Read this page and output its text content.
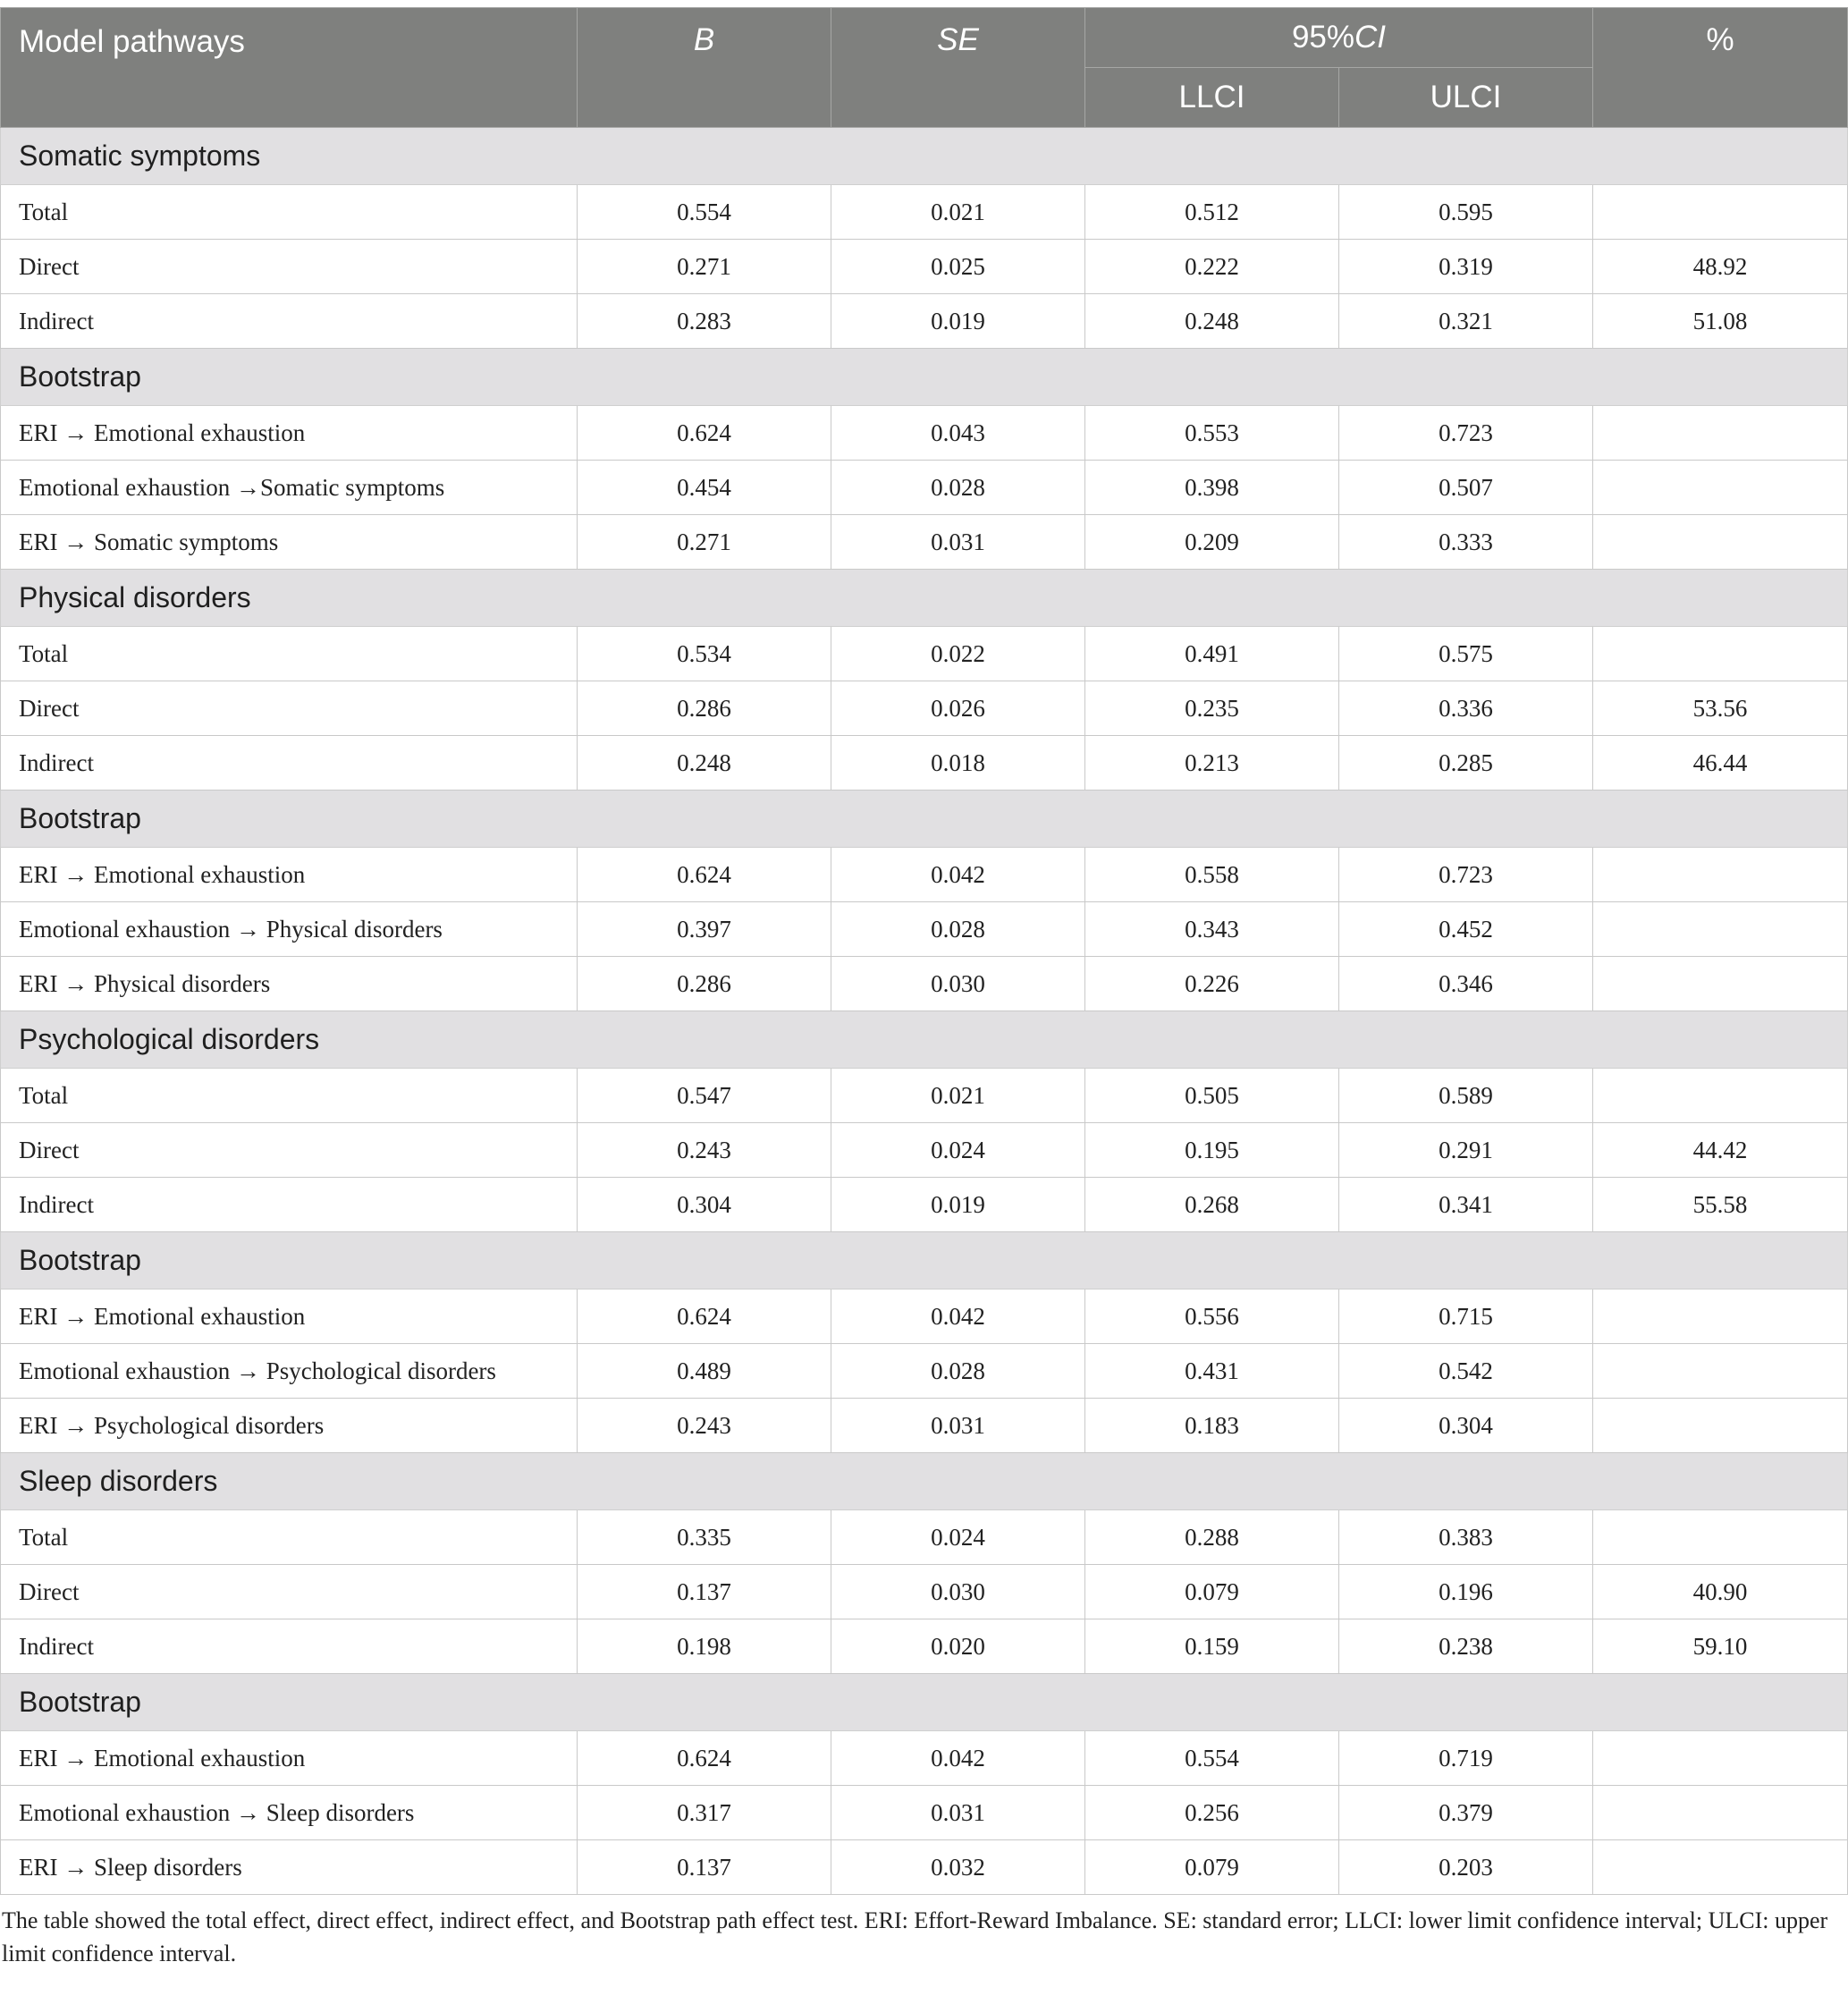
Model pathways	B	SE	95%CI		%
			LLCI	ULCI	
Somatic symptoms					
Total	0.554	0.021	0.512	0.595	
Direct	0.271	0.025	0.222	0.319	48.92
Indirect	0.283	0.019	0.248	0.321	51.08
Bootstrap					
ERI → Emotional exhaustion	0.624	0.043	0.553	0.723	
Emotional exhaustion →Somatic symptoms	0.454	0.028	0.398	0.507	
ERI → Somatic symptoms	0.271	0.031	0.209	0.333	
Physical disorders					
Total	0.534	0.022	0.491	0.575	
Direct	0.286	0.026	0.235	0.336	53.56
Indirect	0.248	0.018	0.213	0.285	46.44
Bootstrap					
ERI → Emotional exhaustion	0.624	0.042	0.558	0.723	
Emotional exhaustion → Physical disorders	0.397	0.028	0.343	0.452	
ERI → Physical disorders	0.286	0.030	0.226	0.346	
Psychological disorders					
Total	0.547	0.021	0.505	0.589	
Direct	0.243	0.024	0.195	0.291	44.42
Indirect	0.304	0.019	0.268	0.341	55.58
Bootstrap					
ERI → Emotional exhaustion	0.624	0.042	0.556	0.715	
Emotional exhaustion → Psychological disorders	0.489	0.028	0.431	0.542	
ERI → Psychological disorders	0.243	0.031	0.183	0.304	
Sleep disorders					
Total	0.335	0.024	0.288	0.383	
Direct	0.137	0.030	0.079	0.196	40.90
Indirect	0.198	0.020	0.159	0.238	59.10
Bootstrap					
ERI → Emotional exhaustion	0.624	0.042	0.554	0.719	
Emotional exhaustion → Sleep disorders	0.317	0.031	0.256	0.379	
ERI → Sleep disorders	0.137	0.032	0.079	0.203	
The table showed the total effect, direct effect, indirect effect, and Bootstrap path effect test. ERI: Effort-Reward Imbalance. SE: standard error; LLCI: lower limit confidence interval; ULCI: upper limit confidence interval.
